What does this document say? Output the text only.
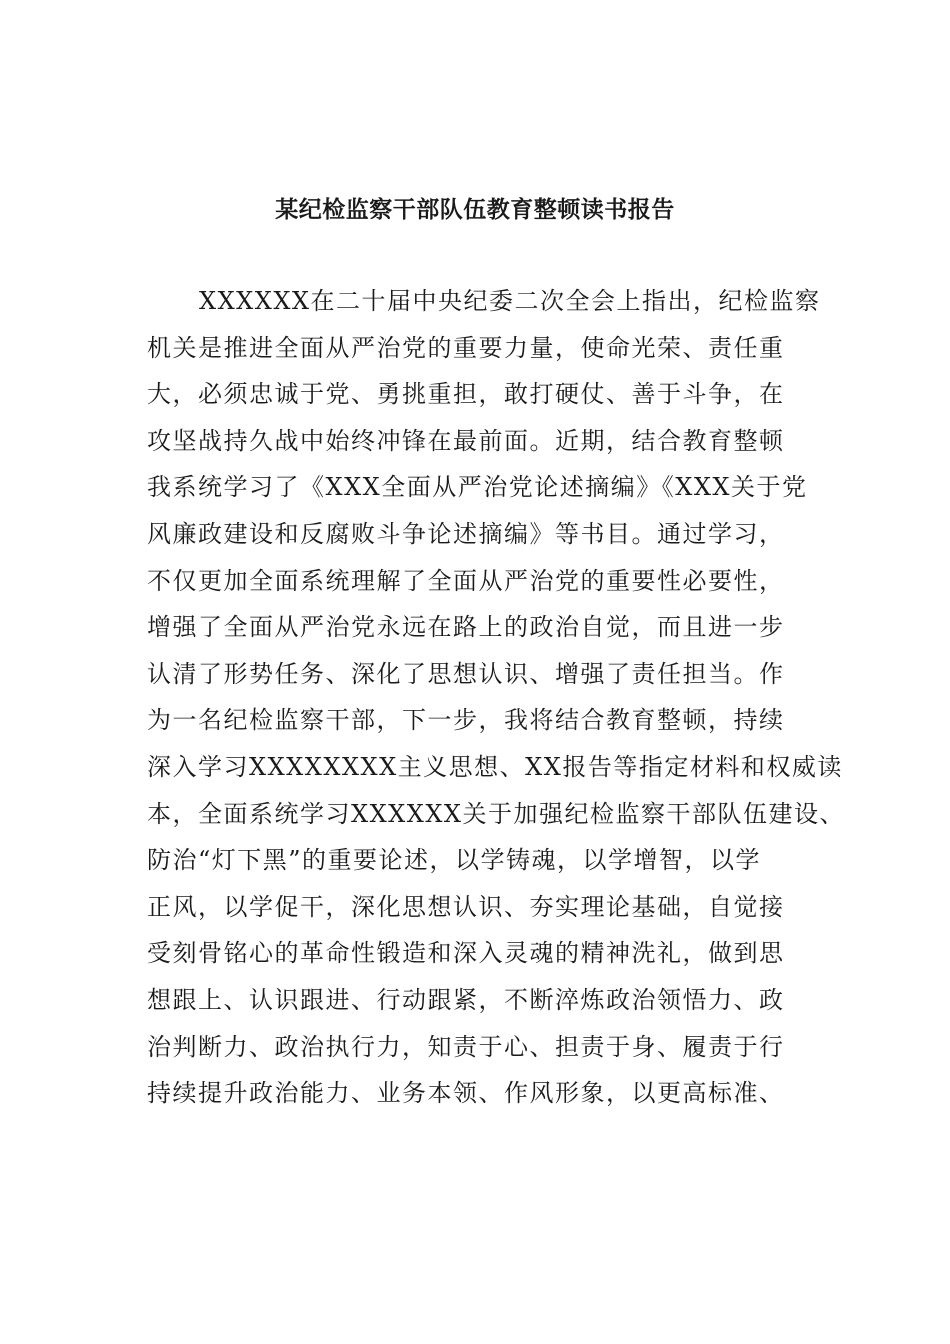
某纪检监察干部队伍教育整顿读书报告
XXXXXX在二十届中央纪委二次全会上指出，纪检监察
机关是推进全面从严治党的重要力量，使命光荣、责任重
大，必须忠诚于党、勇挑重担，敢打硬仗、善于斗争，在
攻坚战持久战中始终冲锋在最前面。近期，结合教育整顿
我系统学习了《XXX全面从严治党论述摘编》《XXX关于党
风廉政建设和反腐败斗争论述摘编》等书目。通过学习，
不仅更加全面系统理解了全面从严治党的重要性必要性，
增强了全面从严治党永远在路上的政治自觉，而且进一步
认清了形势任务、深化了思想认识、增强了责任担当。作
为一名纪检监察干部，下一步，我将结合教育整顿，持续
深入学习XXXXXXXX主义思想、XX报告等指定材料和权威读
本，全面系统学习XXXXXX关于加强纪检监察干部队伍建设、
防治“灯下黑”的重要论述，以学铸魂，以学增智，以学
正风，以学促干，深化思想认识、夯实理论基础，自觉接
受刻骨铭心的革命性锻造和深入灵魂的精神洗礼，做到思
想跟上、认识跟进、行动跟紧，不断淬炼政治领悟力、政
治判断力、政治执行力，知责于心、担责于身、履责于行
持续提升政治能力、业务本领、作风形象，以更高标准、
